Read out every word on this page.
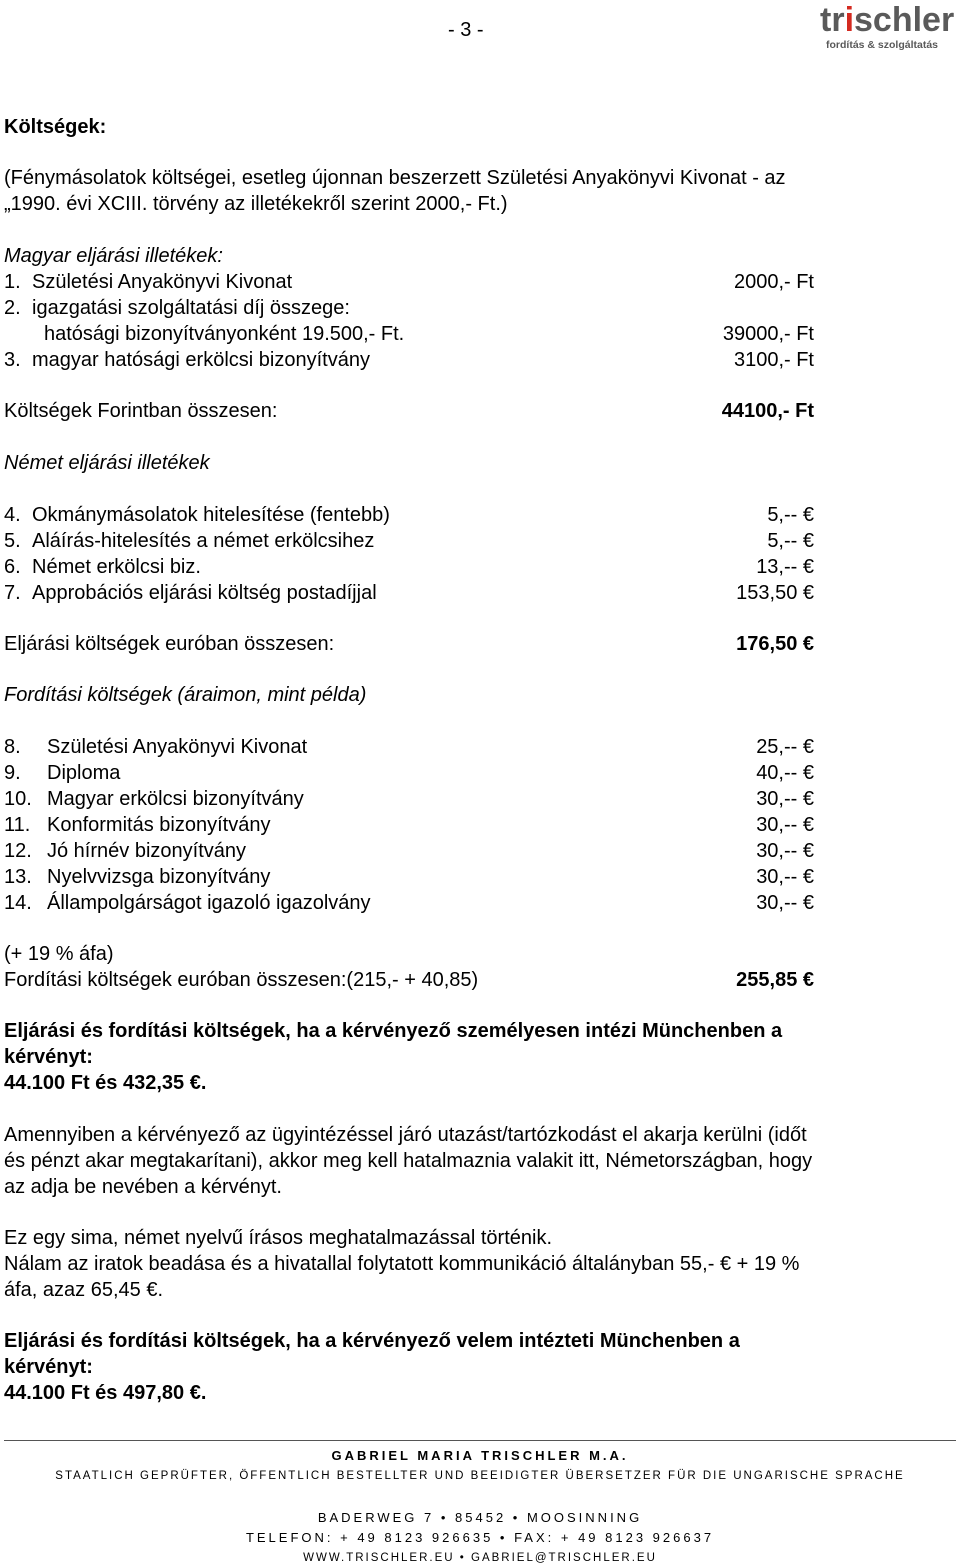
- 3 -	trischler
fordítás & szolgáltatás
Költségek:
(Fénymásolatok költségei, esetleg újonnan beszerzett Születési Anyakönyvi Kivonat - az
„1990. évi XCIII. törvény az illetékekről szerint 2000,- Ft.)
Magyar eljárási illetékek:
1. Születési Anyakönyvi Kivonat	2000,- Ft
2. igazgatási szolgáltatási díj összege:
hatósági bizonyítványonként 19.500,- Ft.	39000,- Ft
3. magyar hatósági erkölcsi bizonyítvány	3100,- Ft
Költségek Forintban összesen:	44100,- Ft
Német eljárási illetékek
4. Okmánymásolatok hitelesítése (fentebb)	5,-- €
5. Aláírás-hitelesítés a német erkölcsihez	5,-- €
6. Német erkölcsi biz.	13,-- €
7. Approbációs eljárási költség postadíjjal	153,50 €
Eljárási költségek euróban összesen:	176,50 €
Fordítási költségek (áraimon, mint példa)
8. Születési Anyakönyvi Kivonat	25,-- €
9. Diploma	40,-- €
10. Magyar erkölcsi bizonyítvány	30,-- €
11. Konformitás bizonyítvány	30,-- €
12. Jó hírnév bizonyítvány	30,-- €
13. Nyelvvizsga bizonyítvány	30,-- €
14. Állampolgárságot igazoló igazolvány	30,-- €
(+ 19 % áfa)
Fordítási költségek euróban összesen:(215,- + 40,85)	255,85 €
Eljárási és fordítási költségek, ha a kérvényező személyesen intézi Münchenben a
kérvényt:
44.100 Ft és 432,35 €.
Amennyiben a kérvényező az ügyintézéssel járó utazást/tartózkodást el akarja kerülni (időt
és pénzt akar megtakarítani), akkor meg kell hatalmaznia valakit itt, Németországban, hogy
az adja be nevében a kérvényt.
Ez egy sima, német nyelvű írásos meghatalmazással történik.
Nálam az iratok beadása és a hivatallal folytatott kommunikáció általányban 55,- € + 19 %
áfa, azaz 65,45 €.
Eljárási és fordítási költségek, ha a kérvényező velem intézteti Münchenben a
kérvényt:
44.100 Ft és 497,80 €.
GABRIEL MARIA TRISCHLER M.A.
STAATLICH GEPRÜFTER, ÖFFENTLICH BESTELLTER UND BEEIDIGTER ÜBERSETZER FÜR DIE UNGARISCHE SPRACHE
BADERWEG 7 • 85452 • MOOSINNING
TELEFON: + 49 8123 926635 • FAX: + 49 8123 926637
WWW.TRISCHLER.EU • GABRIEL@TRISCHLER.EU
